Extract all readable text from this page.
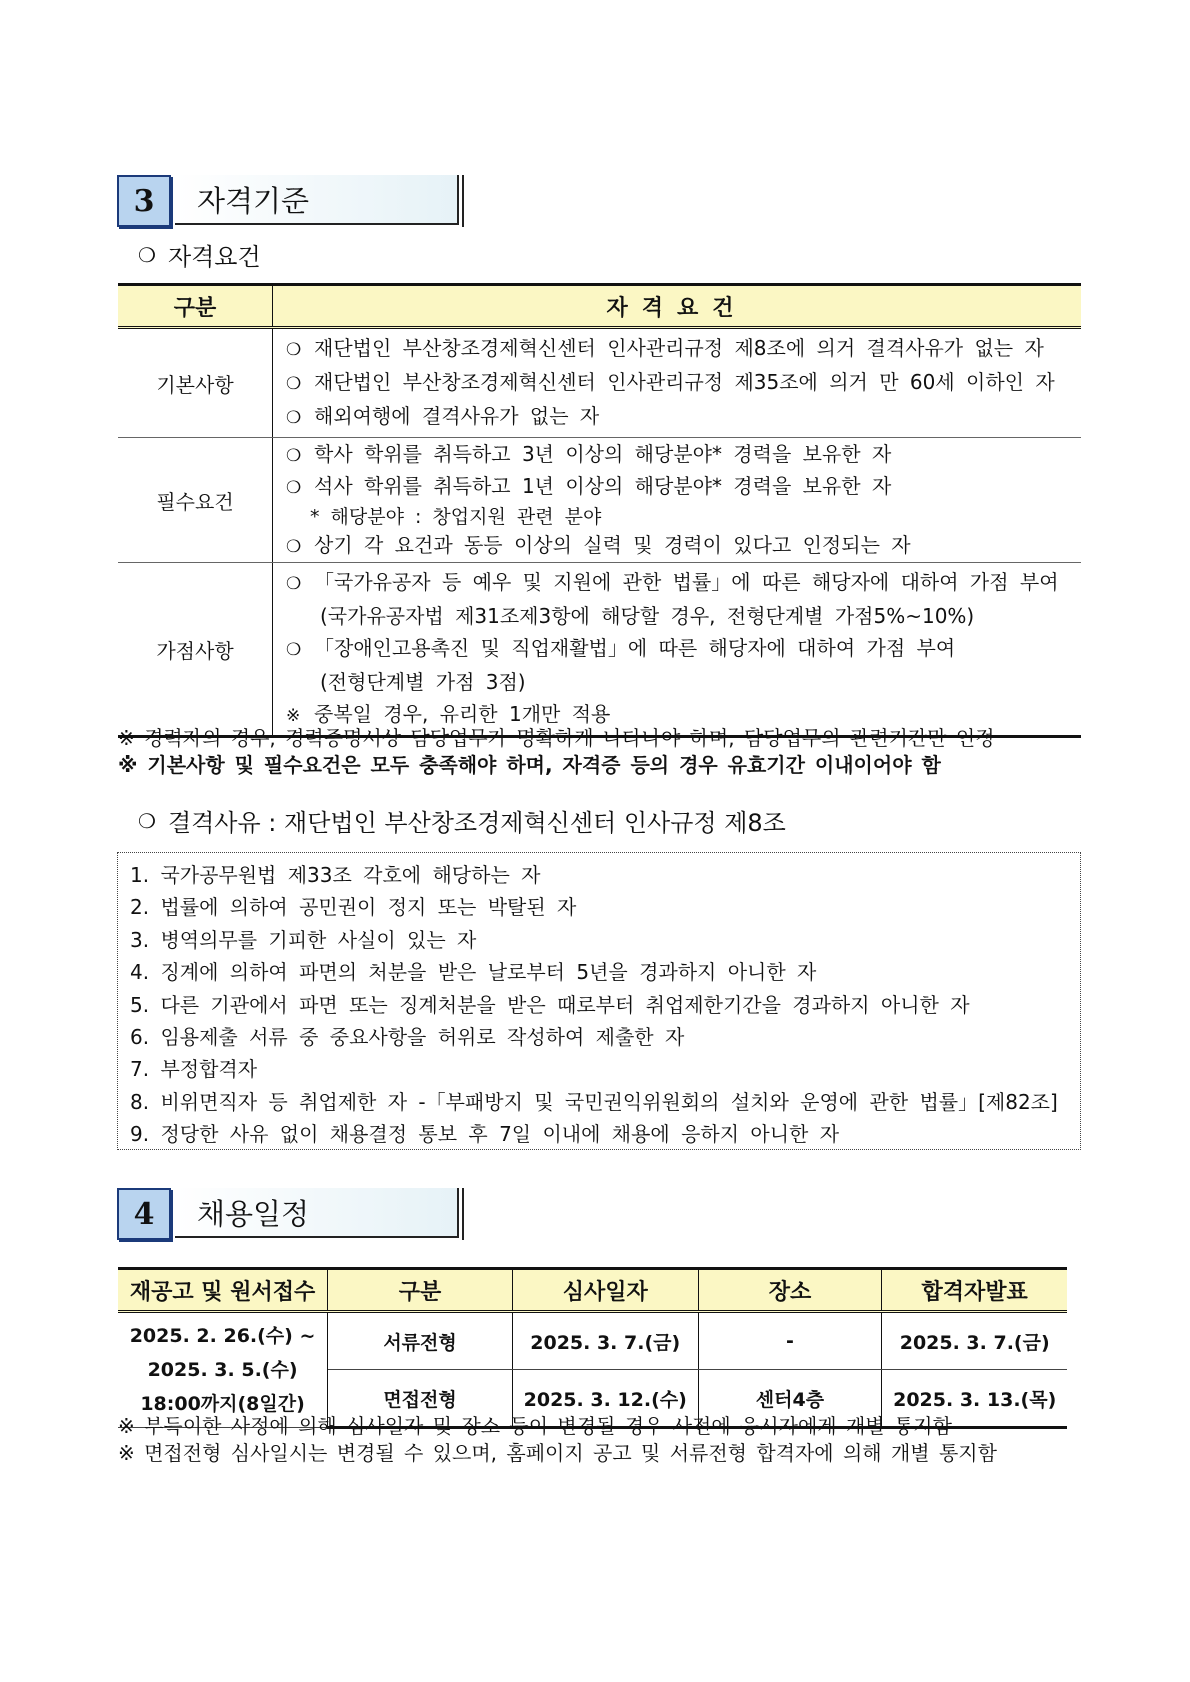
3	자격기준
❍ 자격요건
구분	자격요건
기본사항	❍ 재단법인 부산창조경제혁신센터 인사관리규정 제8조에 의거 결격사유가 없는 자
❍ 재단법인 부산창조경제혁신센터 인사관리규정 제35조에 의거 만 60세 이하인 자
❍ 해외여행에 결격사유가 없는 자

필수요건	❍ 학사 학위를 취득하고 3년 이상의 해당분야* 경력을 보유한 자
❍ 석사 학위를 취득하고 1년 이상의 해당분야* 경력을 보유한 자
* 해당분야 : 창업지원 관련 분야
❍ 상기 각 요건과 동등 이상의 실력 및 경력이 있다고 인정되는 자

가점사항	❍ 「국가유공자 등 예우 및 지원에 관한 법률」에 따른 해당자에 대하여 가점 부여
(국가유공자법 제31조제3항에 해당할 경우, 전형단계별 가점5%~10%)
❍ 「장애인고용촉진 및 직업재활법」에 따른 해당자에 대하여 가점 부여
(전형단계별 가점 3점)
※ 중복일 경우, 유리한 1개만 적용
※ 경력자의 경우, 경력증명서상 담당업무가 명확하게 나타나야 하며, 담당업무의 관련기간만 인정
※ 기본사항 및 필수요건은 모두 충족해야 하며, 자격증 등의 경우 유효기간 이내이어야 함
❍ 결격사유 : 재단법인 부산창조경제혁신센터 인사규정 제8조
1. 국가공무원법 제33조 각호에 해당하는 자
2. 법률에 의하여 공민권이 정지 또는 박탈된 자
3. 병역의무를 기피한 사실이 있는 자
4. 징계에 의하여 파면의 처분을 받은 날로부터 5년을 경과하지 아니한 자
5. 다른 기관에서 파면 또는 징계처분을 받은 때로부터 취업제한기간을 경과하지 아니한 자
6. 임용제출 서류 중 중요사항을 허위로 작성하여 제출한 자
7. 부정합격자
8. 비위면직자 등 취업제한 자 -「부패방지 및 국민권익위원회의 설치와 운영에 관한 법률」[제82조]
9. 정당한 사유 없이 채용결정 통보 후 7일 이내에 채용에 응하지 아니한 자
4	채용일정
재공고 및 원서접수	구분	심사일자	장소	합격자발표

2025. 2. 26.(수) ~
2025. 3. 5.(수)
18:00까지(8일간)	서류전형	2025. 3. 7.(금)	-	2025. 3. 7.(금)
	면접전형	2025. 3. 12.(수)	센터4층	2025. 3. 13.(목)
※ 부득이한 사정에 의해 심사일자 및 장소 등이 변경될 경우 사전에 응시자에게 개별 통지함
※ 면접전형 심사일시는 변경될 수 있으며, 홈페이지 공고 및 서류전형 합격자에 의해 개별 통지함
